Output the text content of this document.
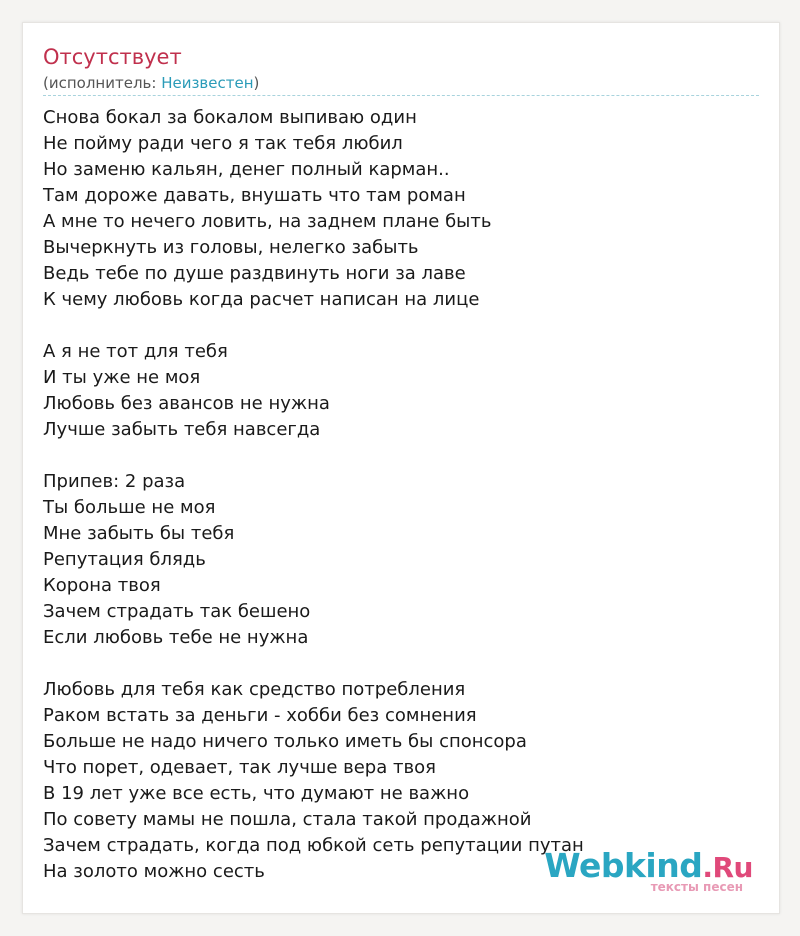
Отсутствует
(исполнитель: Неизвестен)
Снова бокал за бокалом выпиваю один
Не пойму ради чего я так тебя любил
Но заменю кальян, денег полный карман..
Там дороже давать, внушать что там роман
А мне то нечего ловить, на заднем плане быть
Вычеркнуть из головы, нелегко забыть
Ведь тебе по душе раздвинуть ноги за лаве
К чему любовь когда расчет написан на лице
А я не тот для тебя
И ты уже не моя
Любовь без авансов не нужна
Лучше забыть тебя навсегда
Припев: 2 раза
Ты больше не моя
Мне забыть бы тебя
Репутация блядь
Корона твоя
Зачем страдать так бешено
Если любовь тебе не нужна
Любовь для тебя как средство потребления
Раком встать за деньги - хобби без сомнения
Больше не надо ничего только иметь бы спонсора
Что порет, одевает, так лучше вера твоя
В 19 лет уже все есть, что думают не важно
По совету мамы не пошла, стала такой продажной
Зачем страдать, когда под юбкой сеть репутации путан
На золото можно сесть	Webkind.Ru
тексты песен
